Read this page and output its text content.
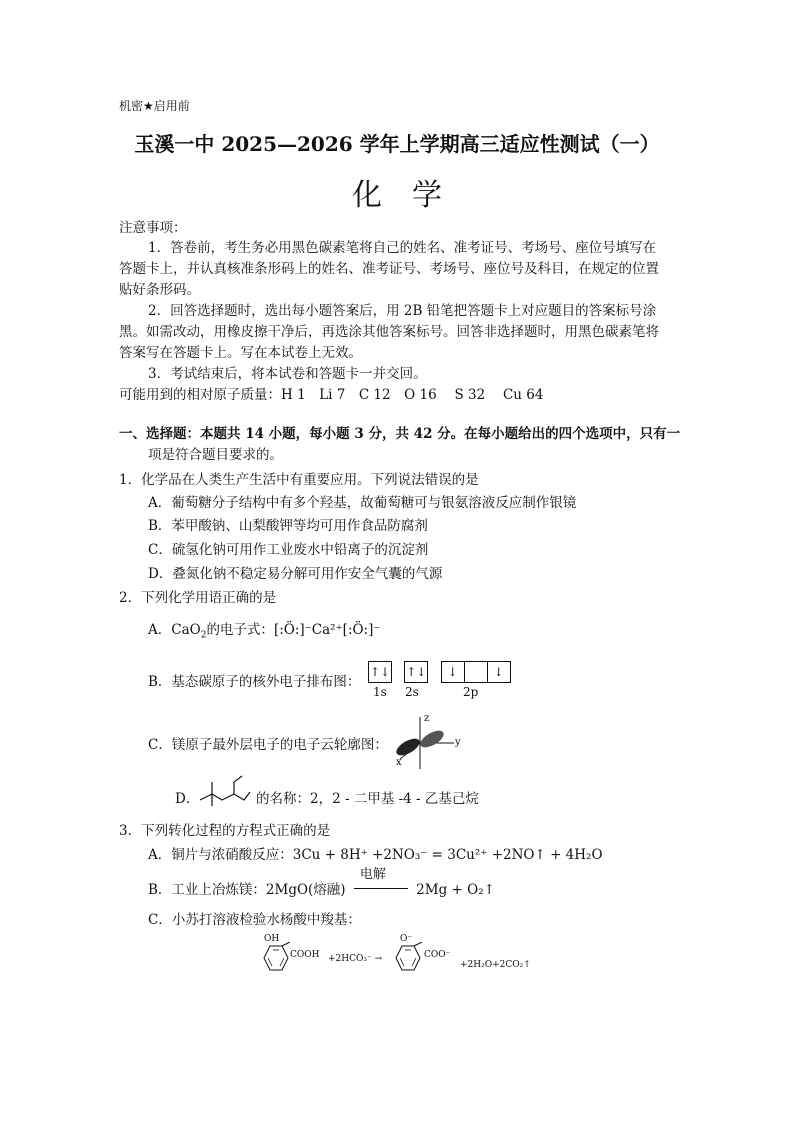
机密★启用前
玉溪一中 2025—2026 学年上学期高三适应性测试（一）
化学
注意事项：
1．答卷前，考生务必用黑色碳素笔将自己的姓名、准考证号、考场号、座位号填写在
答题卡上，并认真核准条形码上的姓名、准考证号、考场号、座位号及科目，在规定的位置
贴好条形码。
2．回答选择题时，选出每小题答案后，用 2B 铅笔把答题卡上对应题目的答案标号涂
黑。如需改动，用橡皮擦干净后，再选涂其他答案标号。回答非选择题时，用黑色碳素笔将
答案写在答题卡上。写在本试卷上无效。
3．考试结束后，将本试卷和答题卡一并交回。
可能用到的相对原子质量：H 1　Li 7　C 12　O 16　 S 32　 Cu 64
一、选择题：本题共 14 小题，每小题 3 分，共 42 分。在每小题给出的四个选项中，只有一
项是符合题目要求的。
1．化学品在人类生产生活中有重要应用。下列说法错误的是
A．葡萄糖分子结构中有多个羟基，故葡萄糖可与银氨溶液反应制作银镜
B．苯甲酸钠、山梨酸钾等均可用作食品防腐剂
C．硫氢化钠可用作工业废水中铅离子的沉淀剂
D．叠氮化钠不稳定易分解可用作安全气囊的气源
2．下列化学用语正确的是
A．CaO$_2$的电子式：[:Ö:]⁻Ca²⁺[:Ö:]⁻
B．基态碳原子的核外电子排布图：
↑↓ ↑↓ ↓	↓
1s 2s	2p
C．镁原子最外层电子的电子云轮廓图：
z
y
x
D．	的名称：2，2 - 二甲基 -4 - 乙基己烷
3．下列转化过程的方程式正确的是
A．铜片与浓硝酸反应：3Cu + 8H⁺ +2NO₃⁻ = 3Cu²⁺ +2NO↑ + 4H₂O
B．工业上冶炼镁：2MgO(熔融)
电解
2Mg + O₂↑
C．小苏打溶液检验水杨酸中羧基：
OH
COOH +2HCO₃⁻ →
O⁻
COO⁻
+2H₂O+2CO₂↑
